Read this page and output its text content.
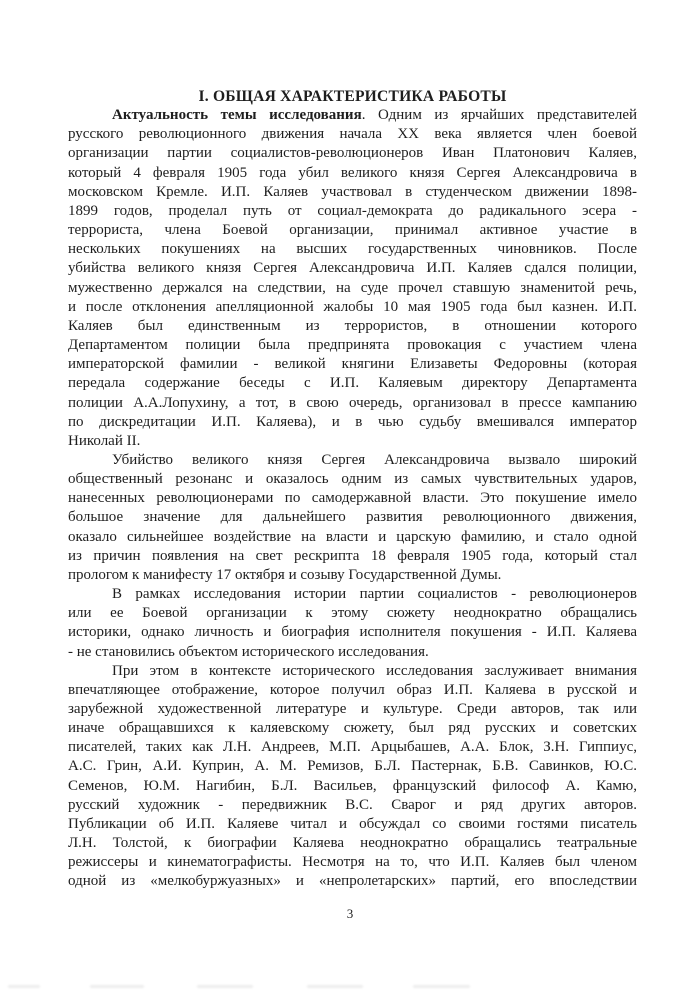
I. ОБЩАЯ ХАРАКТЕРИСТИКА РАБОТЫ
Актуальность темы исследования. Одним из ярчайших представителей
русского революционного движения начала XX века является член боевой
организации партии социалистов-революционеров Иван Платонович Каляев,
который 4 февраля 1905 года убил великого князя Сергея Александровича в
московском Кремле. И.П. Каляев участвовал в студенческом движении 1898-
1899 годов, проделал путь от социал-демократа до радикального эсера -
террориста, члена Боевой организации, принимал активное участие в
нескольких покушениях на высших государственных чиновников. После
убийства великого князя Сергея Александровича И.П. Каляев сдался полиции,
мужественно держался на следствии, на суде прочел ставшую знаменитой речь,
и после отклонения апелляционной жалобы 10 мая 1905 года был казнен. И.П.
Каляев был единственным из террористов, в отношении которого
Департаментом полиции была предпринята провокация с участием члена
императорской фамилии - великой княгини Елизаветы Федоровны (которая
передала содержание беседы с И.П. Каляевым директору Департамента
полиции А.А.Лопухину, а тот, в свою очередь, организовал в прессе кампанию
по дискредитации И.П. Каляева), и в чью судьбу вмешивался император
Николай II.
Убийство великого князя Сергея Александровича вызвало широкий
общественный резонанс и оказалось одним из самых чувствительных ударов,
нанесенных революционерами по самодержавной власти. Это покушение имело
большое значение для дальнейшего развития революционного движения,
оказало сильнейшее воздействие на власти и царскую фамилию, и стало одной
из причин появления на свет рескрипта 18 февраля 1905 года, который стал
прологом к манифесту 17 октября и созыву Государственной Думы.
В рамках исследования истории партии социалистов - революционеров
или ее Боевой организации к этому сюжету неоднократно обращались
историки, однако личность и биография исполнителя покушения - И.П. Каляева
- не становились объектом исторического исследования.
При этом в контексте исторического исследования заслуживает внимания
впечатляющее отображение, которое получил образ И.П. Каляева в русской и
зарубежной художественной литературе и культуре. Среди авторов, так или
иначе обращавшихся к каляевскому сюжету, был ряд русских и советских
писателей, таких как Л.Н. Андреев, М.П. Арцыбашев, А.А. Блок, З.Н. Гиппиус,
А.С. Грин, А.И. Куприн, А. М. Ремизов, Б.Л. Пастернак, Б.В. Савинков, Ю.С.
Семенов, Ю.М. Нагибин, Б.Л. Васильев, французский философ А. Камю,
русский художник - передвижник В.С. Сварог и ряд других авторов.
Публикации об И.П. Каляеве читал и обсуждал со своими гостями писатель
Л.Н. Толстой, к биографии Каляева неоднократно обращались театральные
режиссеры и кинематографисты. Несмотря на то, что И.П. Каляев был членом
одной из «мелкобуржуазных» и «непролетарских» партий, его впоследствии
3
